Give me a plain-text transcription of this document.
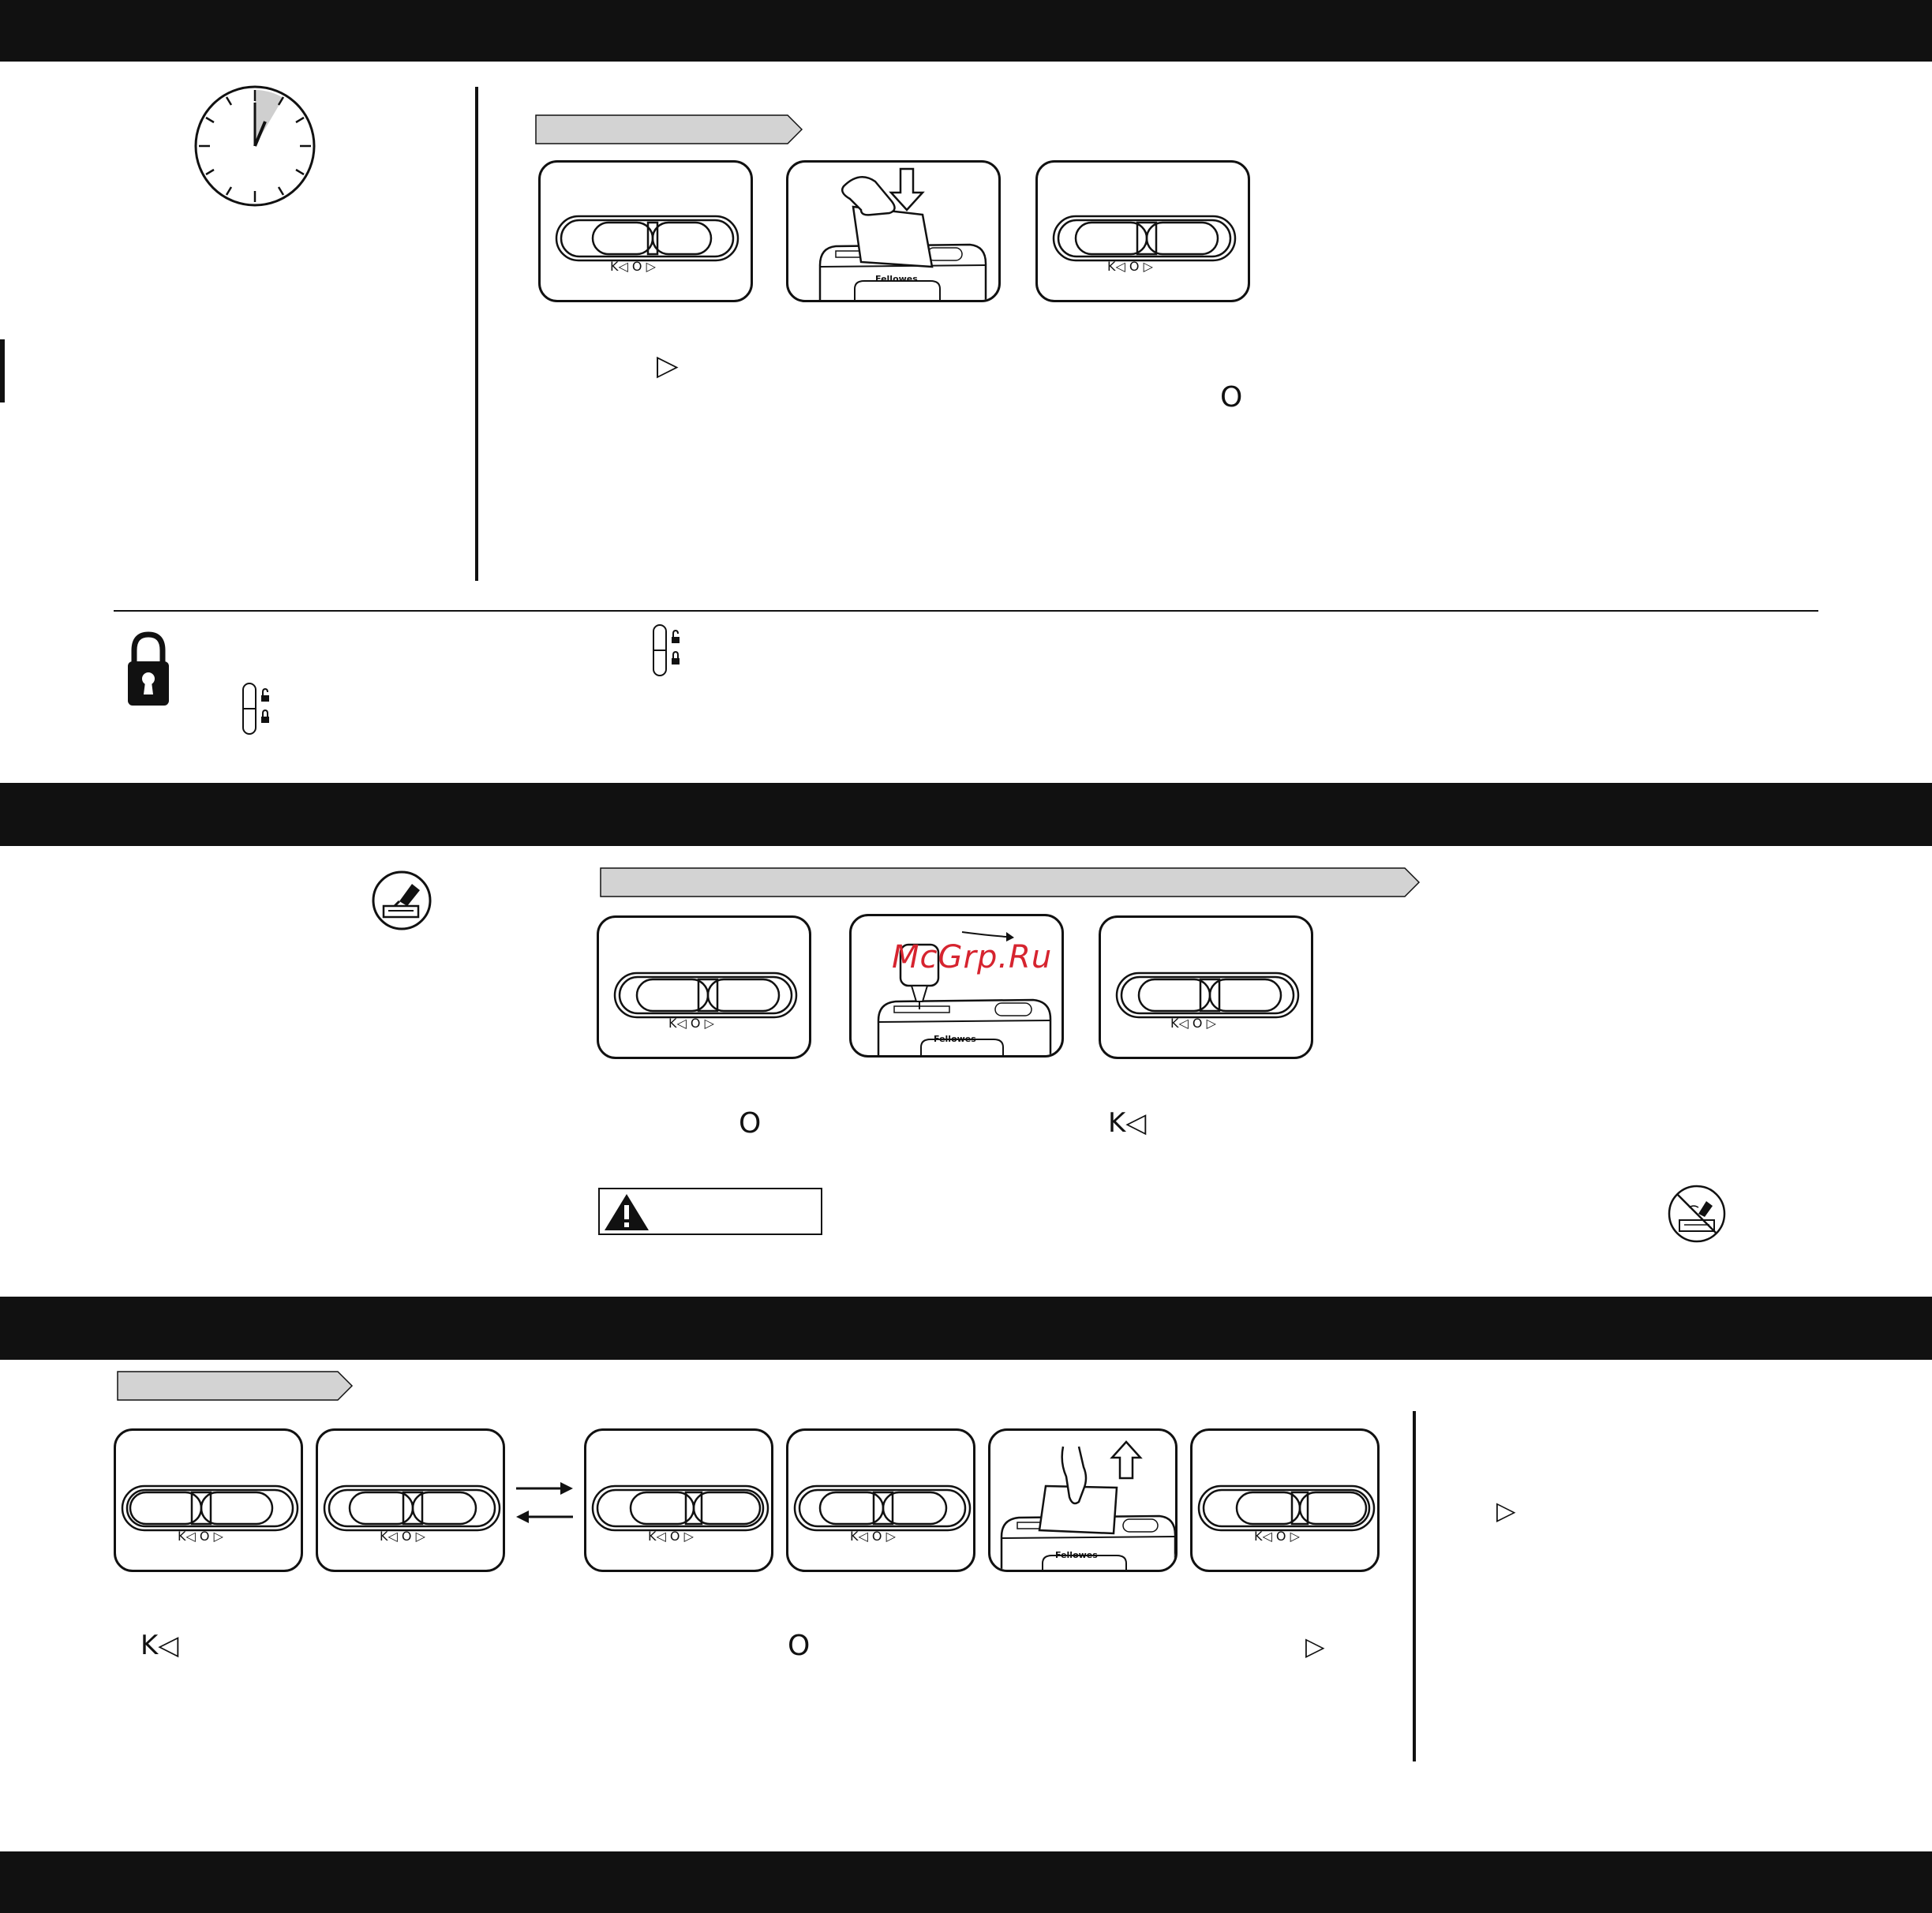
K◁ O ▷
Fellowes
K◁ O ▷
▷
O
K◁ O ▷
Fellowes
McGrp.Ru
K◁ O ▷
O	K◁
K◁ O ▷	K◁ O ▷	K◁ O ▷	K◁ O ▷
Fellowes
K◁ O ▷
▷
K◁	O	▷
